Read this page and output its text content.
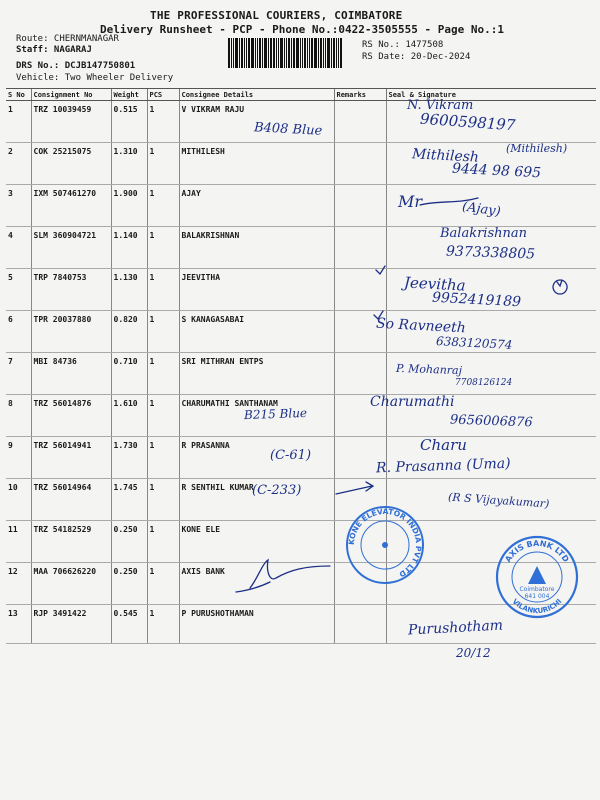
THE PROFESSIONAL COURIERS, COIMBATORE
Delivery Runsheet - PCP - Phone No.:0422-3505555 - Page No.:1
Route: CHERNMANAGAR
Staff: NAGARAJ
DRS No.: DCJB147750801
Vehicle: Two Wheeler Delivery
RS No.: 1477508
RS Date: 20-Dec-2024
S No	Consignment No	Weight	PCS	Consignee Details	Remarks	Seal & Signature
1	TRZ 10039459	0.515	1	V VIKRAM RAJU		
2	COK 25215075	1.310	1	MITHILESH		
3	IXM 507461270	1.900	1	AJAY		
4	SLM 360904721	1.140	1	BALAKRISHNAN		
5	TRP 7840753	1.130	1	JEEVITHA		
6	TPR 20037880	0.820	1	S KANAGASABAI		
7	MBI 84736	0.710	1	SRI MITHRAN ENTPS		
8	TRZ 56014876	1.610	1	CHARUMATHI SANTHANAM		
9	TRZ 56014941	1.730	1	R PRASANNA		
10	TRZ 56014964	1.745	1	R SENTHIL KUMAR		
11	TRZ 54182529	0.250	1	KONE ELE		
12	MAA 706626220	0.250	1	AXIS BANK		
13	RJP 3491422	0.545	1	P PURUSHOTHAMAN		
N. Vikram
9600598197
B408 Blue
Mithilesh (Mithilesh)
9444 98 695
Mr	(Ajay)
Balakrishnan
9373338805
Jeevitha
9952419189
So Ravneeth
6383120574
P. Mohanraj
7708126124
Charumathi
9656006876
B215 Blue
Charu
(C-61)
R. Prasanna (Uma)
(C-233)	(R S Vijayakumar)
Purushotham
20/12
KONE ELEVATOR INDIA PVT LTD
AXIS BANK LTD
VILANKURICHI
Coimbatore
641 004
